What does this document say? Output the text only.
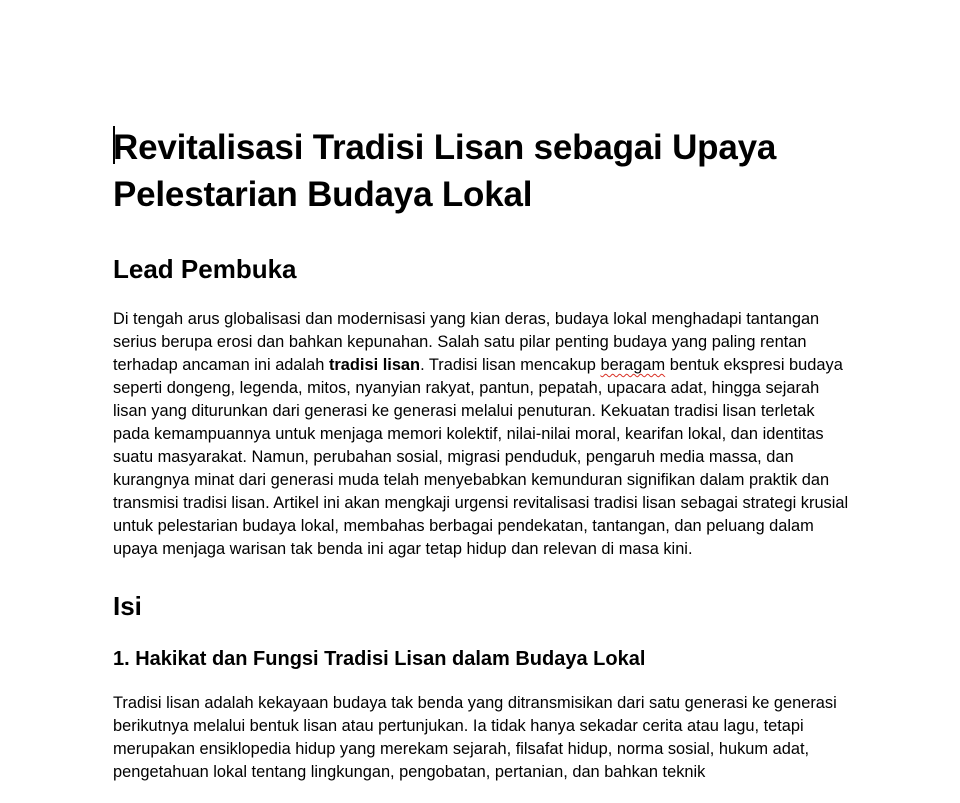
Revitalisasi Tradisi Lisan sebagai Upaya Pelestarian Budaya Lokal
Lead Pembuka

Di tengah arus globalisasi dan modernisasi yang kian deras, budaya lokal menghadapi tantangan serius berupa erosi dan bahkan kepunahan. Salah satu pilar penting budaya yang paling rentan terhadap ancaman ini adalah tradisi lisan. Tradisi lisan mencakup beragam bentuk ekspresi budaya seperti dongeng, legenda, mitos, nyanyian rakyat, pantun, pepatah, upacara adat, hingga sejarah lisan yang diturunkan dari generasi ke generasi melalui penuturan. Kekuatan tradisi lisan terletak pada kemampuannya untuk menjaga memori kolektif, nilai-nilai moral, kearifan lokal, dan identitas suatu masyarakat. Namun, perubahan sosial, migrasi penduduk, pengaruh media massa, dan kurangnya minat dari generasi muda telah menyebabkan kemunduran signifikan dalam praktik dan transmisi tradisi lisan. Artikel ini akan mengkaji urgensi revitalisasi tradisi lisan sebagai strategi krusial untuk pelestarian budaya lokal, membahas berbagai pendekatan, tantangan, dan peluang dalam upaya menjaga warisan tak benda ini agar tetap hidup dan relevan di masa kini.

Isi
1. Hakikat dan Fungsi Tradisi Lisan dalam Budaya Lokal

Tradisi lisan adalah kekayaan budaya tak benda yang ditransmisikan dari satu generasi ke generasi berikutnya melalui bentuk lisan atau pertunjukan. Ia tidak hanya sekadar cerita atau lagu, tetapi merupakan ensiklopedia hidup yang merekam sejarah, filsafat hidup, norma sosial, hukum adat, pengetahuan lokal tentang lingkungan, pengobatan, pertanian, dan bahkan teknik
